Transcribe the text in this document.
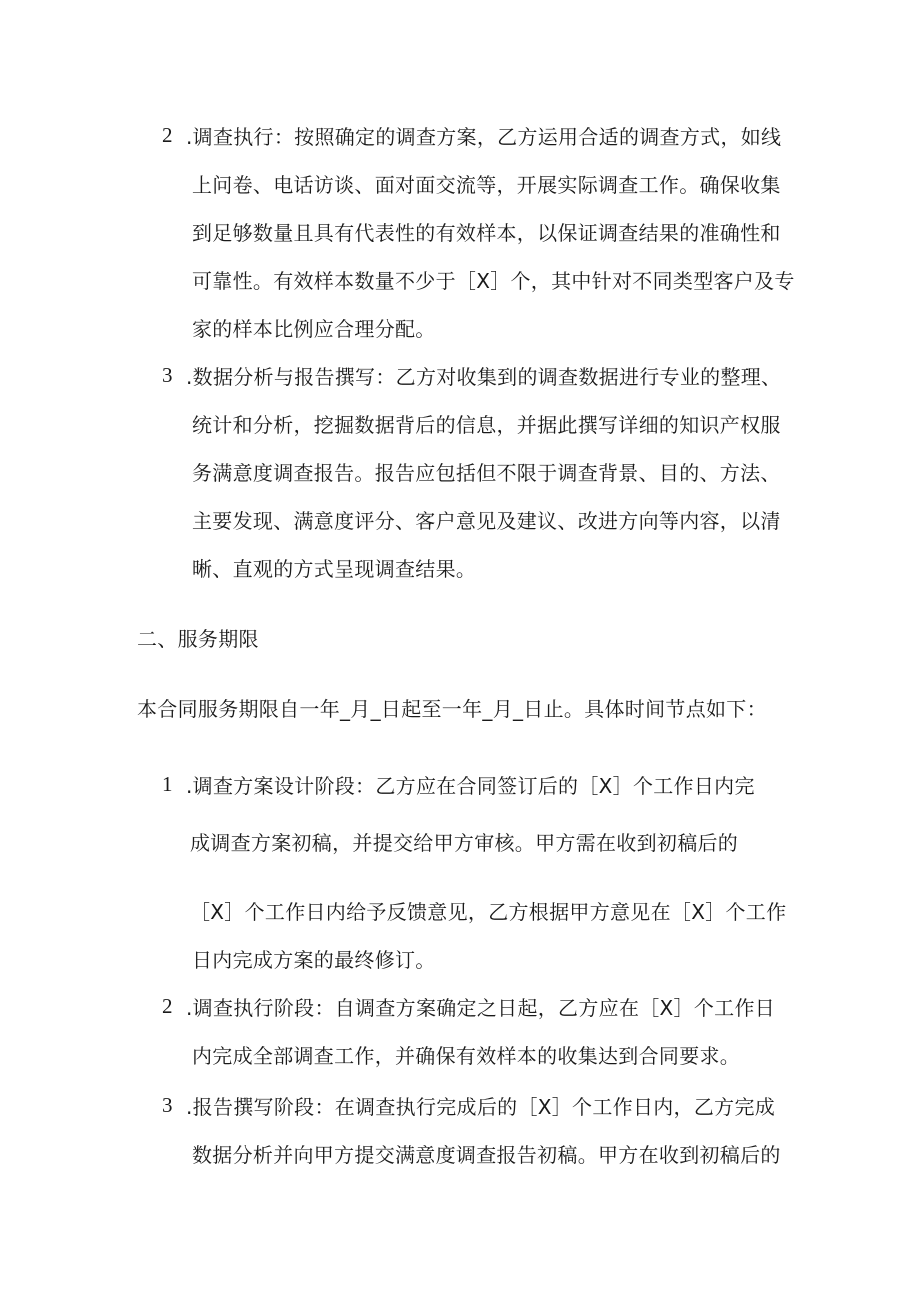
2 .调查执行：按照确定的调查方案，乙方运用合适的调查方式，如线
上问卷、电话访谈、面对面交流等，开展实际调查工作。确保收集
到足够数量且具有代表性的有效样本，以保证调查结果的准确性和
可靠性。有效样本数量不少于［X］个，其中针对不同类型客户及专
家的样本比例应合理分配。
3 .数据分析与报告撰写：乙方对收集到的调查数据进行专业的整理、
统计和分析，挖掘数据背后的信息，并据此撰写详细的知识产权服
务满意度调查报告。报告应包括但不限于调查背景、目的、方法、
主要发现、满意度评分、客户意见及建议、改进方向等内容，以清
晰、直观的方式呈现调查结果。
二、服务期限
本合同服务期限自一年_月_日起至一年_月_日止。具体时间节点如下：
1 .调查方案设计阶段：乙方应在合同签订后的［X］个工作日内完
成调查方案初稿，并提交给甲方审核。甲方需在收到初稿后的
［X］个工作日内给予反馈意见，乙方根据甲方意见在［X］个工作
日内完成方案的最终修订。
2 .调查执行阶段：自调查方案确定之日起，乙方应在［X］个工作日
内完成全部调查工作，并确保有效样本的收集达到合同要求。
3 .报告撰写阶段：在调查执行完成后的［X］个工作日内，乙方完成
数据分析并向甲方提交满意度调查报告初稿。甲方在收到初稿后的
